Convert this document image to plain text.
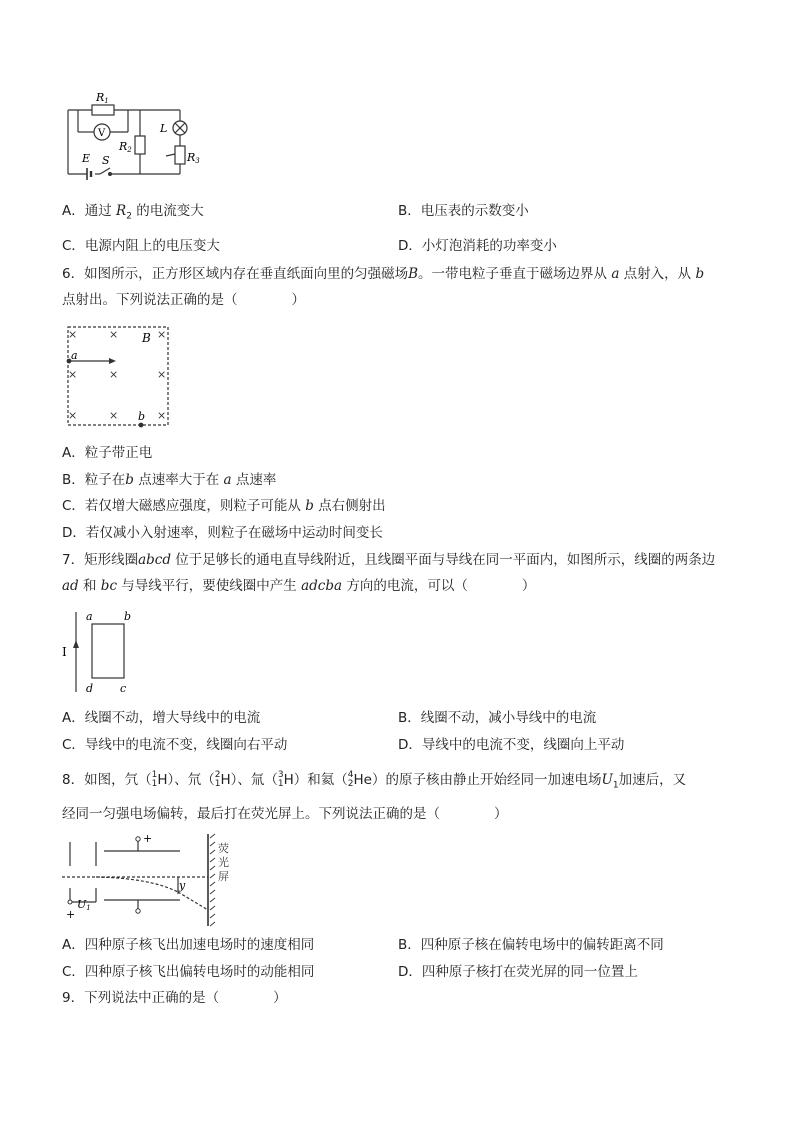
R1
V	L
R2
R3
E S
A．通过 $R_2$ 的电流变大	B．电压表的示数变小
C．电源内阻上的电压变大	D．小灯泡消耗的功率变小
6．如图所示，正方形区域内存在垂直纸面向里的匀强磁场B。一带电粒子垂直于磁场边界从 a 点射入，从 b
点射出。下列说法正确的是（　　　　）
×	×	×
×	×	×
×	×	×
B
a
b
A．粒子带正电
B．粒子在b 点速率大于在 a 点速率
C．若仅增大磁感应强度，则粒子可能从 b 点右侧射出
D．若仅减小入射速率，则粒子在磁场中运动时间变长
7．矩形线圈abcd 位于足够长的通电直导线附近，且线圈平面与导线在同一平面内，如图所示，线圈的两条边
ad 和 bc 与导线平行，要使线圈中产生 adcba 方向的电流，可以（　　　　）
I
a	b
d c
A．线圈不动，增大导线中的电流	B．线圈不动，减小导线中的电流
C．导线中的电流不变，线圈向右平动	D．导线中的电流不变，线圈向上平动
8．如图，氕（1
1H）、氘（2
1H）、氚（3
1H）和氦（4
2He）的原子核由静止开始经同一加速电场$U_1$加速后，又
经同一匀强电场偏转，最后打在荧光屏上。下列说法正确的是（　　　　）
+
+
U1
y
荧
光
屏
A．四种原子核飞出加速电场时的速度相同	B．四种原子核在偏转电场中的偏转距离不同
C．四种原子核飞出偏转电场时的动能相同	D．四种原子核打在荧光屏的同一位置上
9．下列说法中正确的是（　　　　）
